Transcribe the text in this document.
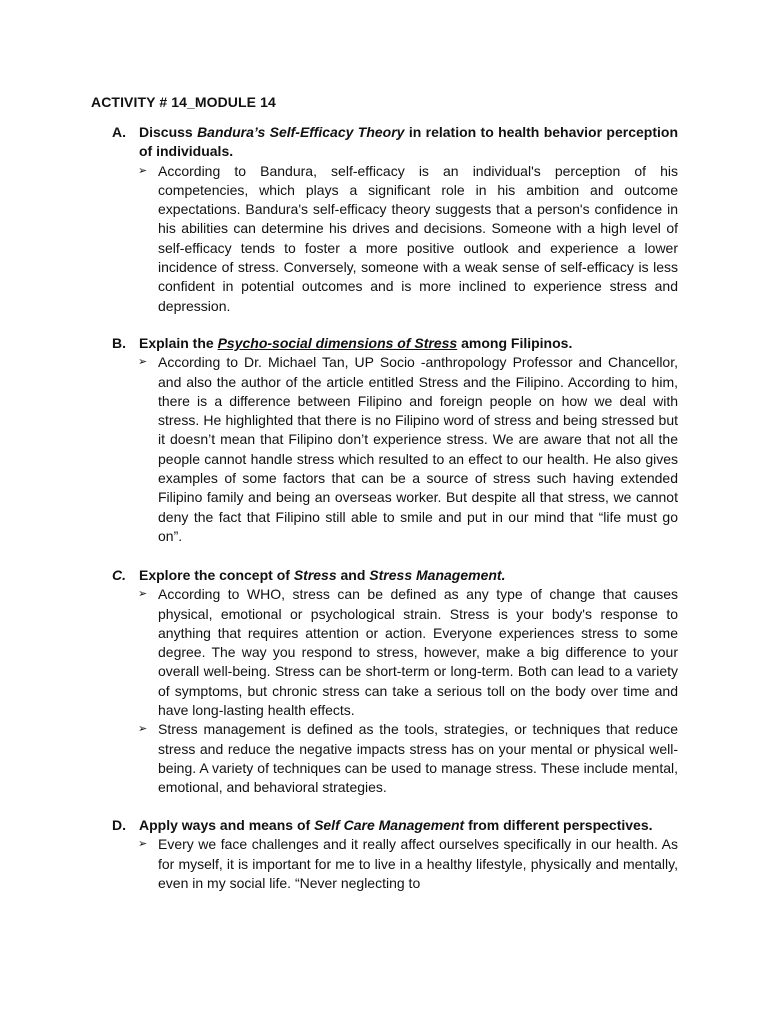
ACTIVITY # 14_MODULE 14
A. Discuss Bandura’s Self-Efficacy Theory in relation to health behavior perception of individuals.
➢ According to Bandura, self-efficacy is an individual's perception of his competencies, which plays a significant role in his ambition and outcome expectations. Bandura's self-efficacy theory suggests that a person's confidence in his abilities can determine his drives and decisions. Someone with a high level of self-efficacy tends to foster a more positive outlook and experience a lower incidence of stress. Conversely, someone with a weak sense of self-efficacy is less confident in potential outcomes and is more inclined to experience stress and depression.
B. Explain the Psycho-social dimensions of Stress among Filipinos.
➢ According to Dr. Michael Tan, UP Socio -anthropology Professor and Chancellor, and also the author of the article entitled Stress and the Filipino. According to him, there is a difference between Filipino and foreign people on how we deal with stress. He highlighted that there is no Filipino word of stress and being stressed but it doesn’t mean that Filipino don’t experience stress. We are aware that not all the people cannot handle stress which resulted to an effect to our health. He also gives examples of some factors that can be a source of stress such having extended Filipino family and being an overseas worker. But despite all that stress, we cannot deny the fact that Filipino still able to smile and put in our mind that “life must go on”.
C. Explore the concept of Stress and Stress Management.
➢ According to WHO, stress can be defined as any type of change that causes physical, emotional or psychological strain. Stress is your body's response to anything that requires attention or action. Everyone experiences stress to some degree. The way you respond to stress, however, make a big difference to your overall well-being. Stress can be short-term or long-term. Both can lead to a variety of symptoms, but chronic stress can take a serious toll on the body over time and have long-lasting health effects.
➢ Stress management is defined as the tools, strategies, or techniques that reduce stress and reduce the negative impacts stress has on your mental or physical well-being. A variety of techniques can be used to manage stress. These include mental, emotional, and behavioral strategies.
D. Apply ways and means of Self Care Management from different perspectives.
➢ Every we face challenges and it really affect ourselves specifically in our health. As for myself, it is important for me to live in a healthy lifestyle, physically and mentally, even in my social life. “Never neglecting to
